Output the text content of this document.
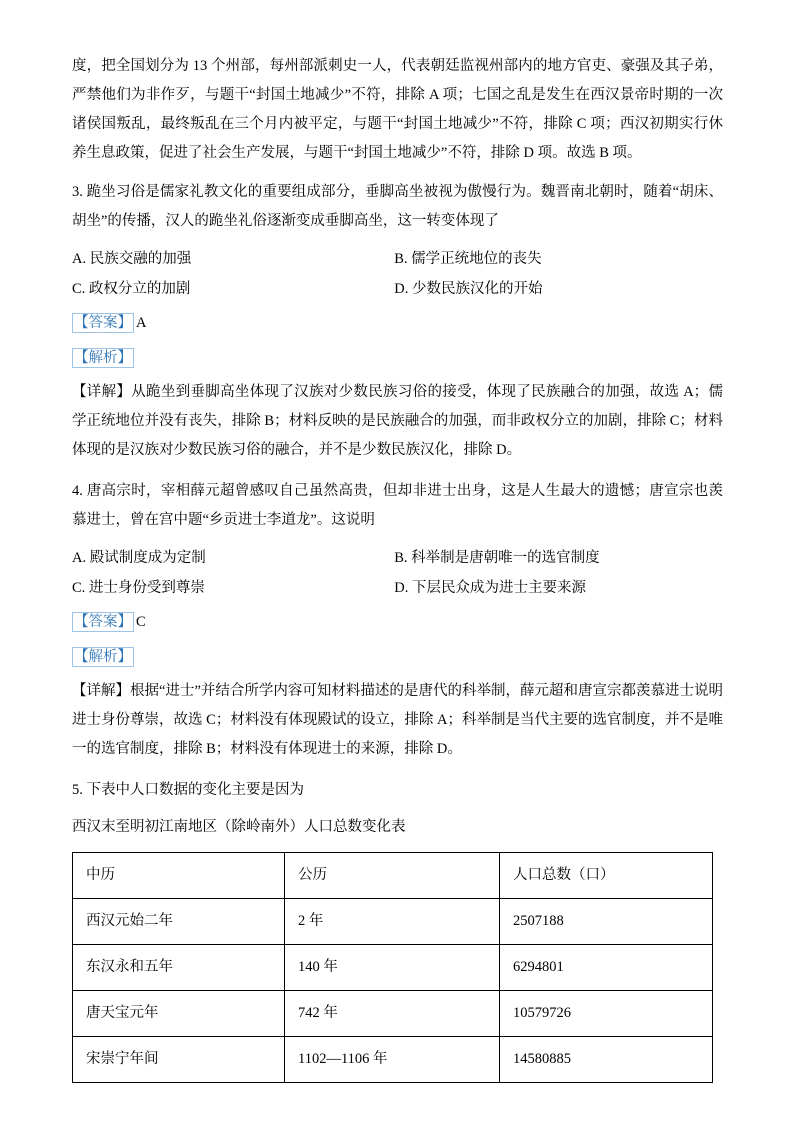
度，把全国划分为 13 个州部，每州部派刺史一人，代表朝廷监视州部内的地方官吏、豪强及其子弟，严禁他们为非作歹，与题干“封国土地减少”不符，排除 A 项；七国之乱是发生在西汉景帝时期的一次诸侯国叛乱，最终叛乱在三个月内被平定，与题干“封国土地减少”不符，排除 C 项；西汉初期实行休养生息政策，促进了社会生产发展，与题干“封国土地减少”不符，排除 D 项。故选 B 项。

3. 跪坐习俗是儒家礼教文化的重要组成部分，垂脚高坐被视为傲慢行为。魏晋南北朝时，随着“胡床、胡坐”的传播，汉人的跪坐礼俗逐渐变成垂脚高坐，这一转变体现了

A. 民族交融的加强	B. 儒学正统地位的丧失
C. 政权分立的加剧	D. 少数民族汉化的开始

【答案】 A

【解析】

【详解】从跪坐到垂脚高坐体现了汉族对少数民族习俗的接受，体现了民族融合的加强，故选 A；儒学正统地位并没有丧失，排除 B；材料反映的是民族融合的加强，而非政权分立的加剧，排除 C；材料体现的是汉族对少数民族习俗的融合，并不是少数民族汉化，排除 D。

4. 唐高宗时，宰相薛元超曾感叹自己虽然高贵，但却非进士出身，这是人生最大的遗憾；唐宣宗也羡慕进士，曾在宫中题“乡贡进士李道龙”。这说明

A. 殿试制度成为定制	B. 科举制是唐朝唯一的选官制度
C. 进士身份受到尊崇	D. 下层民众成为进士主要来源

【答案】 C

【解析】

【详解】根据“进士”并结合所学内容可知材料描述的是唐代的科举制，薛元超和唐宣宗都羡慕进士说明进士身份尊崇，故选 C；材料没有体现殿试的设立，排除 A；科举制是当代主要的选官制度，并不是唯一的选官制度，排除 B；材料没有体现进士的来源，排除 D。

5. 下表中人口数据的变化主要是因为

西汉末至明初江南地区（除岭南外）人口总数变化表

中历	公历	人口总数（口）
西汉元始二年	2 年	2507188
东汉永和五年	140 年	6294801
唐天宝元年	742 年	10579726
宋崇宁年间	1102—1106 年	14580885
